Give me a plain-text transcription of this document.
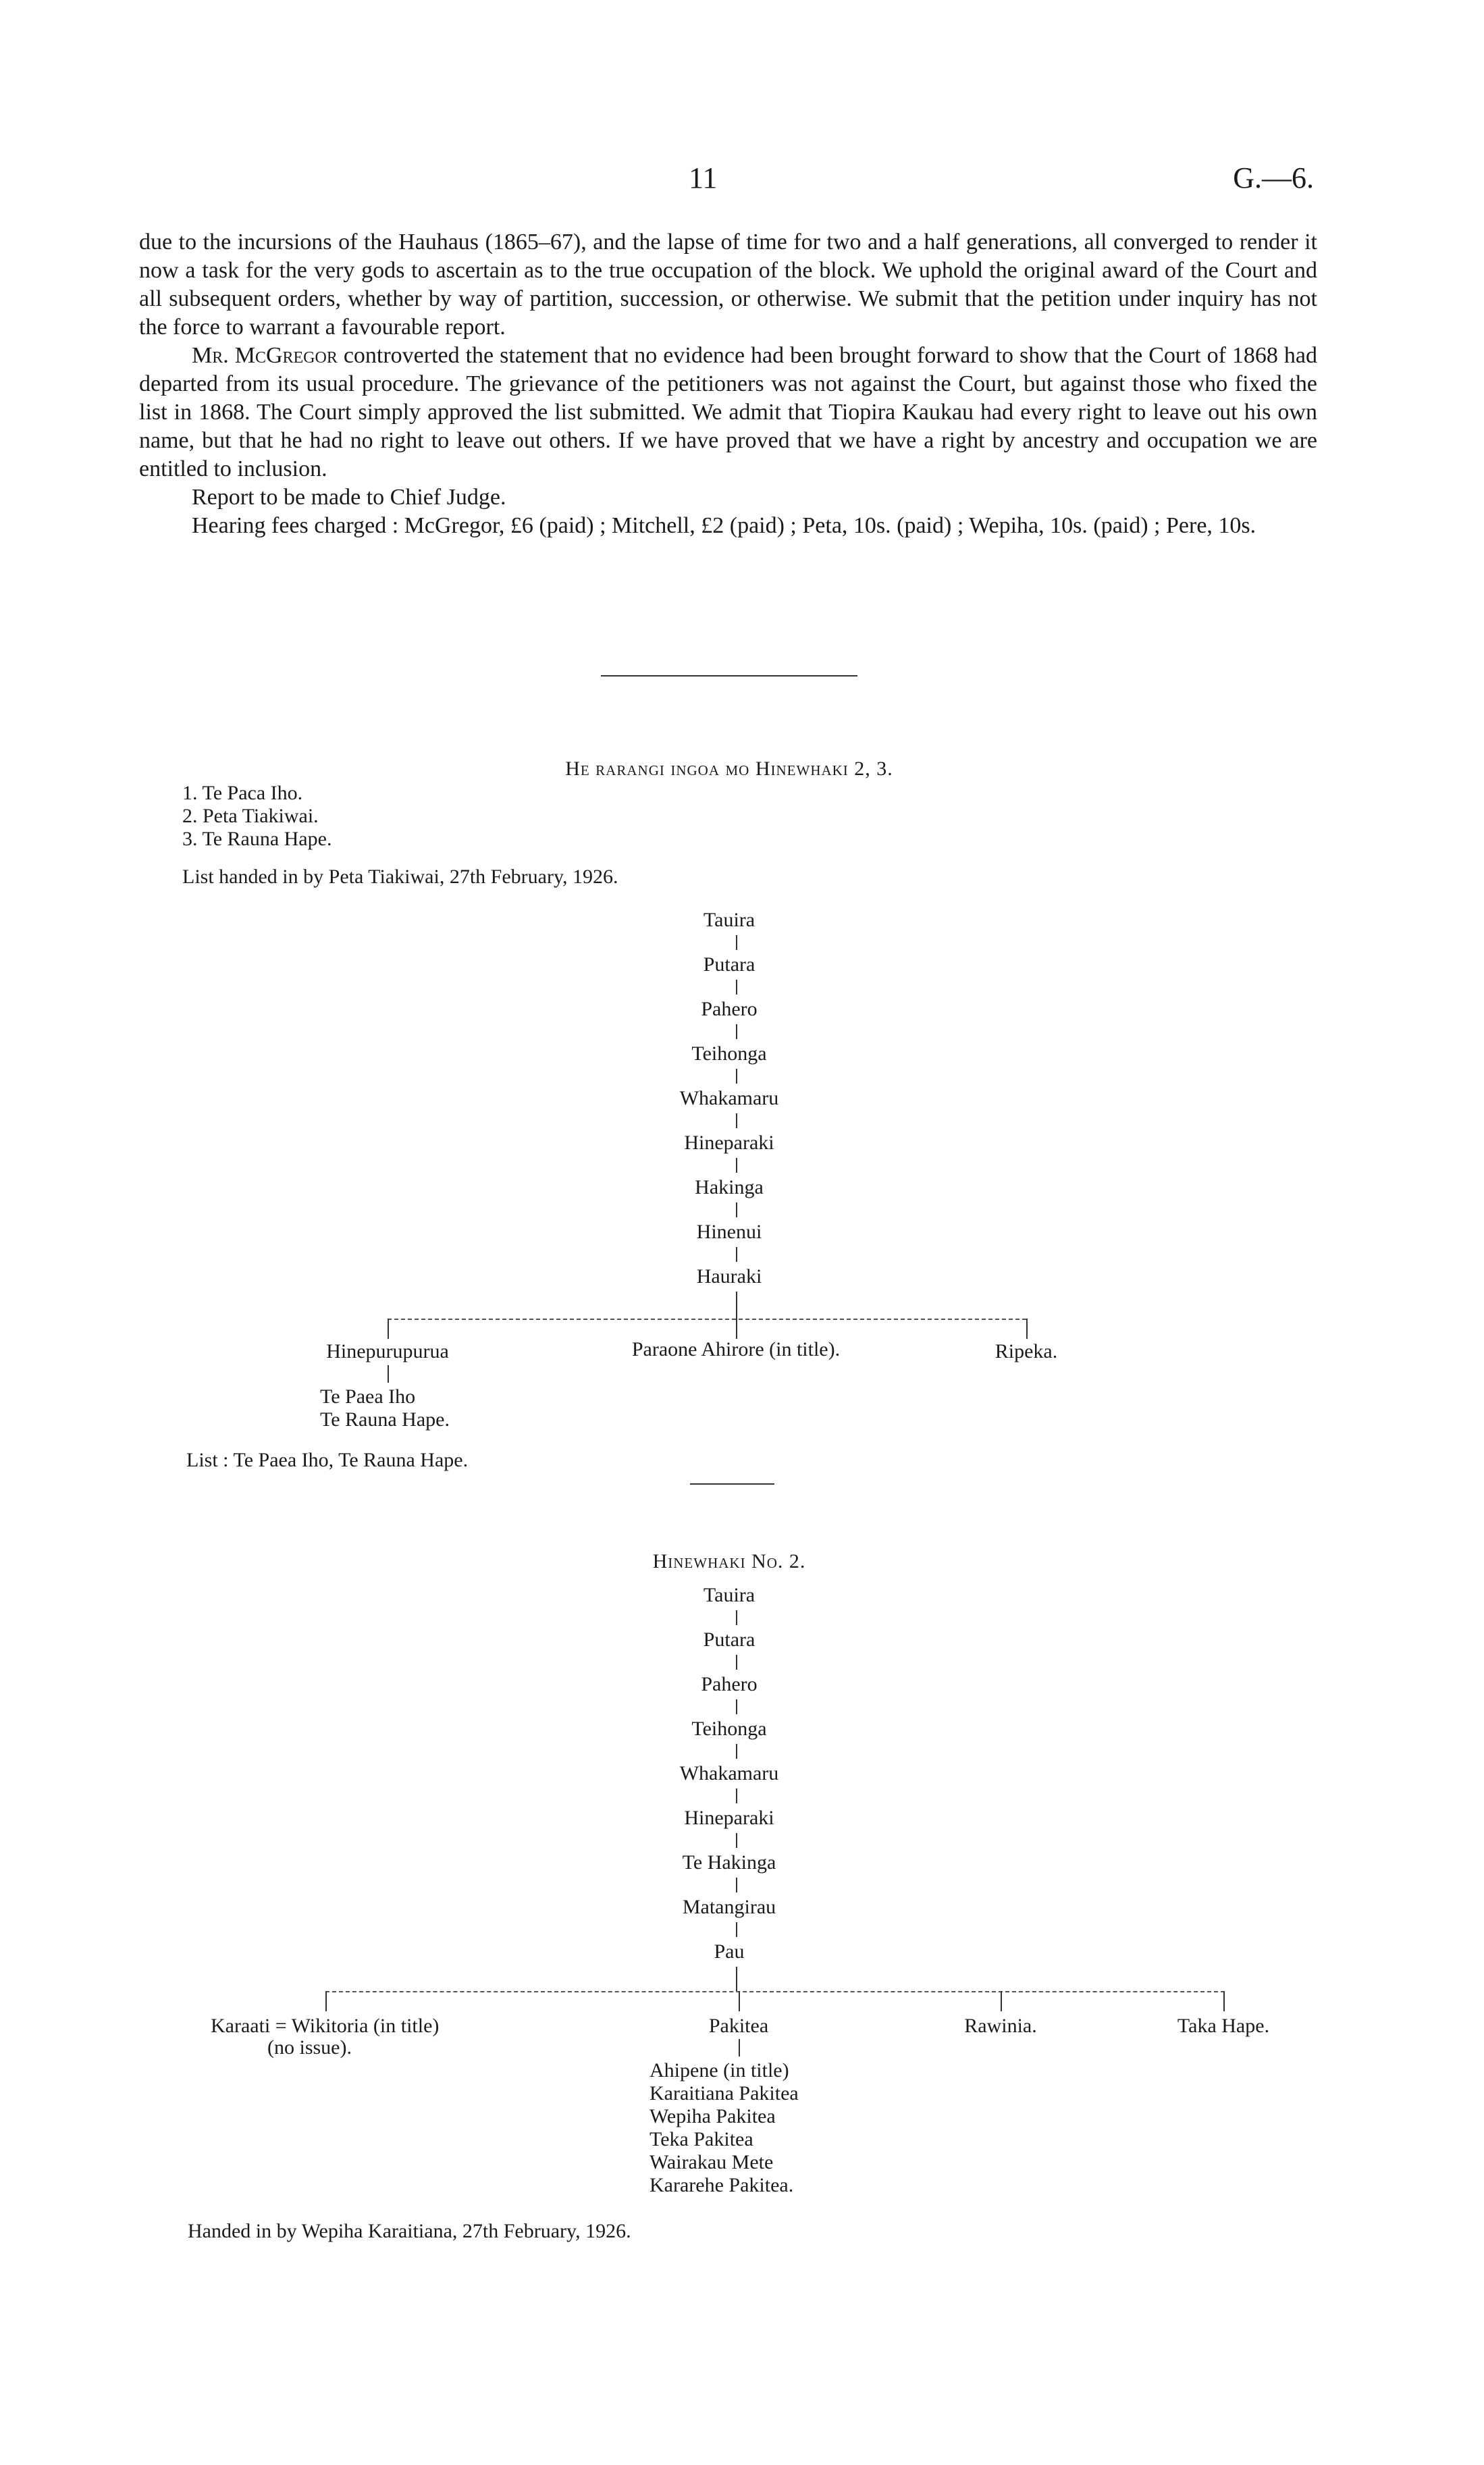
11	G.—6.

due to the incursions of the Hauhaus (1865–67), and the lapse of time for two and a half generations, all converged to render it now a task for the very gods to ascertain as to the true occupation of the block. We uphold the original award of the Court and all subsequent orders, whether by way of partition, succession, or otherwise. We submit that the petition under inquiry has not the force to warrant a favourable report.

Mr. McGregor controverted the statement that no evidence had been brought forward to show that the Court of 1868 had departed from its usual procedure. The grievance of the petitioners was not against the Court, but against those who fixed the list in 1868. The Court simply approved the list submitted. We admit that Tiopira Kaukau had every right to leave out his own name, but that he had no right to leave out others. If we have proved that we have a right by ancestry and occupation we are entitled to inclusion.

Report to be made to Chief Judge.

Hearing fees charged : McGregor, £6 (paid) ; Mitchell, £2 (paid) ; Peta, 10s. (paid) ; Wepiha, 10s. (paid) ; Pere, 10s.

He rarangi ingoa mo Hinewhaki 2, 3.
1. Te Paca Iho.
2. Peta Tiakiwai.
3. Te Rauna Hape.
List handed in by Peta Tiakiwai, 27th February, 1926.
Tauira
Putara
Pahero
Teihonga
Whakamaru
Hineparaki
Hakinga
Hinenui
Hauraki
Hinepurupurua	Paraone Ahirore (in title).	Ripeka.
Te Paea Iho
Te Rauna Hape.
List : Te Paea Iho, Te Rauna Hape.
Hinewhaki No. 2.
Tauira
Putara
Pahero
Teihonga
Whakamaru
Hineparaki
Te Hakinga
Matangirau
Pau
Karaati = Wikitoria (in title)
(no issue).
Pakitea	Rawinia.	Taka Hape.
Ahipene (in title)
Karaitiana Pakitea
Wepiha Pakitea
Teka Pakitea
Wairakau Mete
Kararehe Pakitea.
Handed in by Wepiha Karaitiana, 27th February, 1926.
